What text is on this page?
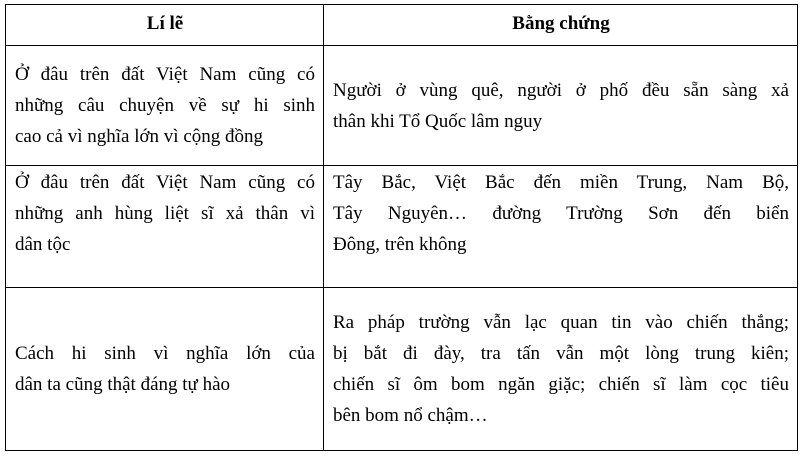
Lí lẽ	Bằng chứng

Ở đâu trên đất Việt Nam cũng có
những câu chuyện về sự hi sinh
cao cả vì nghĩa lớn vì cộng đồng	Người ở vùng quê, người ở phố đều sẵn sàng xả
thân khi Tổ Quốc lâm nguy

Ở đâu trên đất Việt Nam cũng có
những anh hùng liệt sĩ xả thân vì
dân tộc	Tây Bắc, Việt Bắc đến miền Trung, Nam Bộ,
Tây Nguyên… đường Trường Sơn đến biển
Đông, trên không

Cách hi sinh vì nghĩa lớn của
dân ta cũng thật đáng tự hào	Ra pháp trường vẫn lạc quan tin vào chiến thắng;
bị bắt đi đày, tra tấn vẫn một lòng trung kiên;
chiến sĩ ôm bom ngăn giặc; chiến sĩ làm cọc tiêu
bên bom nổ chậm…
